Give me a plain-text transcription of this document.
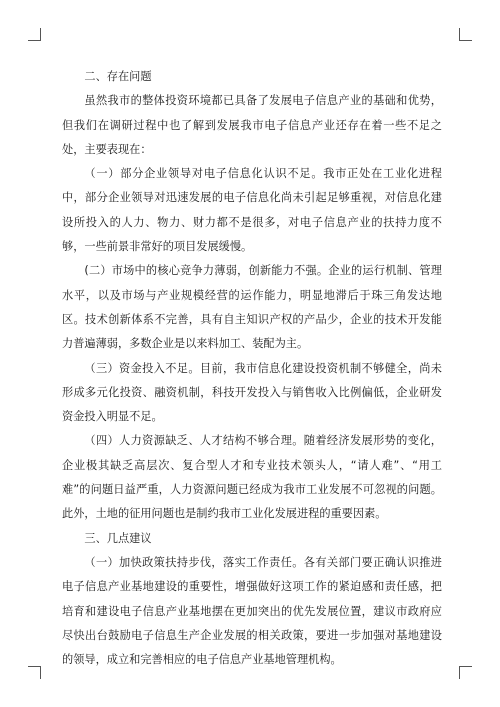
二、存在问题

虽然我市的整体投资环境都已具备了发展电子信息产业的基础和优势，但我们在调研过程中也了解到发展我市电子信息产业还存在着一些不足之处，主要表现在：

（一）部分企业领导对电子信息化认识不足。我市正处在工业化进程中，部分企业领导对迅速发展的电子信息化尚未引起足够重视，对信息化建设所投入的人力、物力、财力都不是很多，对电子信息产业的扶持力度不够，一些前景非常好的项目发展缓慢。

(二）市场中的核心竞争力薄弱，创新能力不强。企业的运行机制、管理水平，以及市场与产业规模经营的运作能力，明显地滞后于珠三角发达地区。技术创新体系不完善，具有自主知识产权的产品少，企业的技术开发能力普遍薄弱，多数企业是以来料加工、装配为主。

（三）资金投入不足。目前，我市信息化建设投资机制不够健全，尚未形成多元化投资、融资机制，科技开发投入与销售收入比例偏低，企业研发资金投入明显不足。

（四）人力资源缺乏、人才结构不够合理。随着经济发展形势的变化，企业极其缺乏高层次、复合型人才和专业技术领头人，“请人难”、“用工难”的问题日益严重，人力资源问题已经成为我市工业发展不可忽视的问题。此外，土地的征用问题也是制约我市工业化发展进程的重要因素。

三、几点建议

（一）加快政策扶持步伐，落实工作责任。各有关部门要正确认识推进电子信息产业基地建设的重要性，增强做好这项工作的紧迫感和责任感，把培育和建设电子信息产业基地摆在更加突出的优先发展位置，建议市政府应尽快出台鼓励电子信息生产企业发展的相关政策，要进一步加强对基地建设的领导，成立和完善相应的电子信息产业基地管理机构。
